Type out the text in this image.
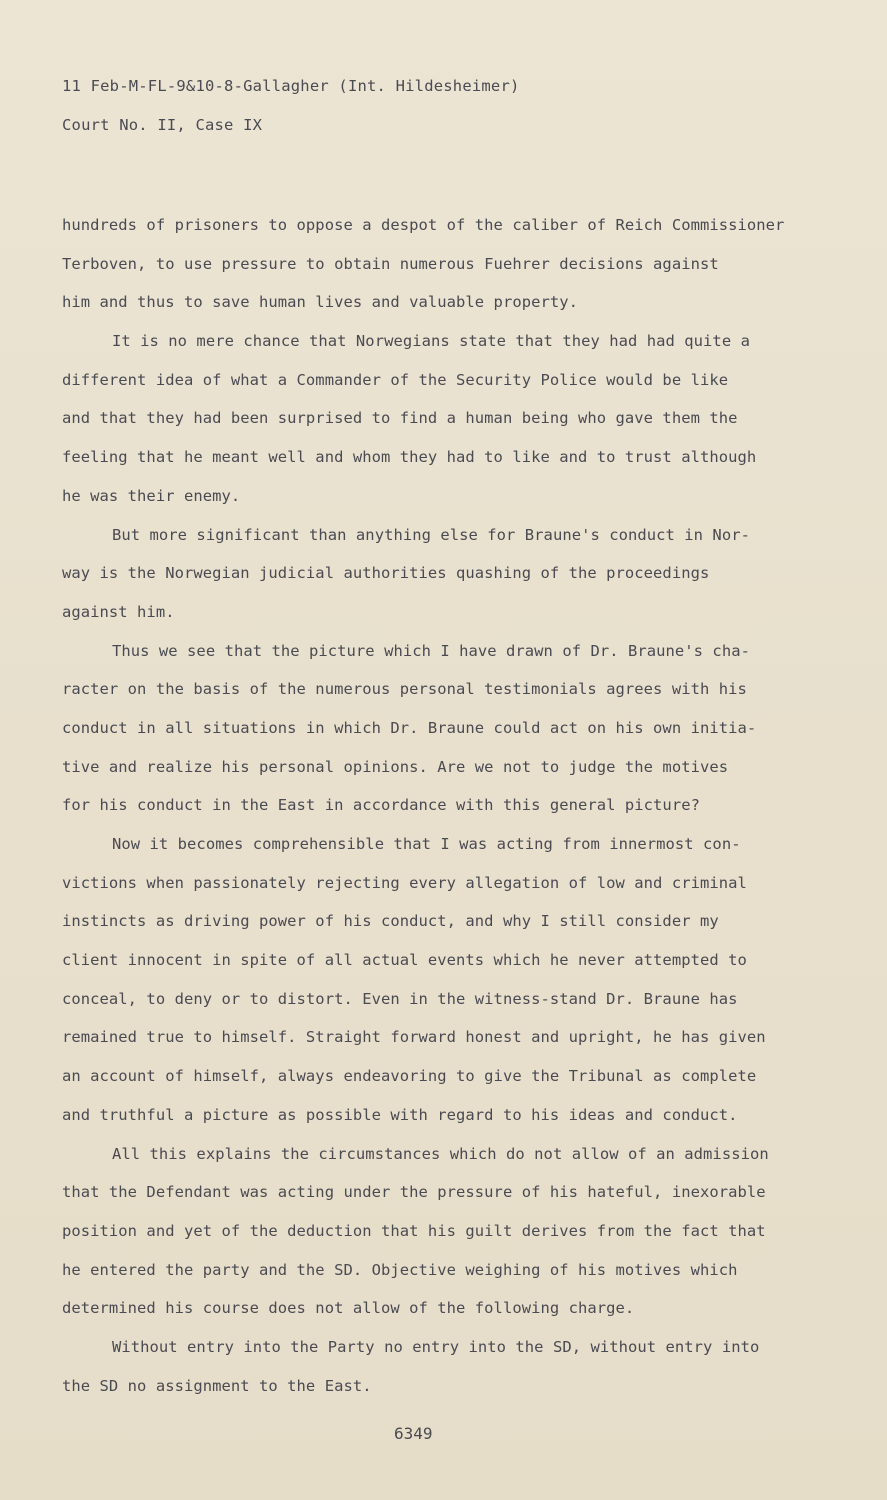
11 Feb-M-FL-9&10-8-Gallagher (Int. Hildesheimer)
Court No. II, Case IX
hundreds of prisoners to oppose a despot of the caliber of Reich Commissioner
Terboven, to use pressure to obtain numerous Fuehrer decisions against
him and thus to save human lives and valuable property.
It is no mere chance that Norwegians state that they had had quite a
different idea of what a Commander of the Security Police would be like
and that they had been surprised to find a human being who gave them the
feeling that he meant well and whom they had to like and to trust although
he was their enemy.
But more significant than anything else for Braune's conduct in Nor-
way is the Norwegian judicial authorities quashing of the proceedings
against him.
Thus we see that the picture which I have drawn of Dr. Braune's cha-
racter on the basis of the numerous personal testimonials agrees with his
conduct in all situations in which Dr. Braune could act on his own initia-
tive and realize his personal opinions. Are we not to judge the motives
for his conduct in the East in accordance with this general picture?
Now it becomes comprehensible that I was acting from innermost con-
victions when passionately rejecting every allegation of low and criminal
instincts as driving power of his conduct, and why I still consider my
client innocent in spite of all actual events which he never attempted to
conceal, to deny or to distort. Even in the witness-stand Dr. Braune has
remained true to himself. Straight forward honest and upright, he has given
an account of himself, always endeavoring to give the Tribunal as complete
and truthful a picture as possible with regard to his ideas and conduct.
All this explains the circumstances which do not allow of an admission
that the Defendant was acting under the pressure of his hateful, inexorable
position and yet of the deduction that his guilt derives from the fact that
he entered the party and the SD. Objective weighing of his motives which
determined his course does not allow of the following charge.
Without entry into the Party no entry into the SD, without entry into
the SD no assignment to the East.
6349
